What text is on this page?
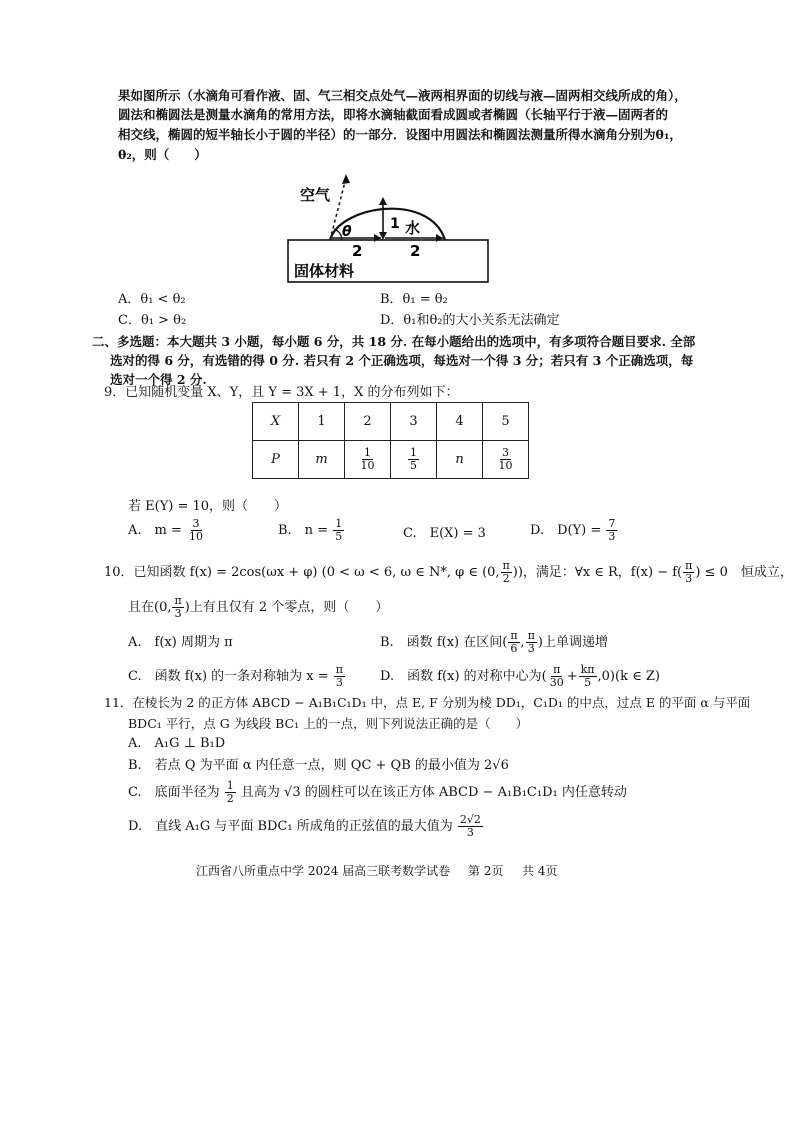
果如图所示（水滴角可看作液、固、气三相交点处气—液两相界面的切线与液—固两相交线所成的角），
圆法和椭圆法是测量水滴角的常用方法，即将水滴轴截面看成圆或者椭圆（长轴平行于液—固两者的
相交线，椭圆的短半轴长小于圆的半径）的一部分．设图中用圆法和椭圆法测量所得水滴角分别为θ₁，
θ₂，则（　　）
空气
θ	1 水
2	2
固体材料
A．θ₁ < θ₂	B．θ₁ = θ₂
C．θ₁ > θ₂	D．θ₁和θ₂的大小关系无法确定
二、多选题：本大题共 3 小题，每小题 6 分，共 18 分. 在每小题给出的选项中，有多项符合题目要求. 全部
选对的得 6 分，有选错的得 0 分. 若只有 2 个正确选项，每选对一个得 3 分；若只有 3 个正确选项，每
选对一个得 2 分.
9．已知随机变量 X、Y，且 Y = 3X + 1，X 的分布列如下：
X	1	2	3	4	5
P	m	$\frac{1}{10}$	$\frac{1}{5}$	n	$\frac{3}{10}$
若 E(Y) = 10，则（　　）
A.　$m = \frac{3}{10}$	B.　$n = \frac{1}{5}$	C.　E(X) = 3	D.　$D(Y) = \frac{7}{3}$
10．已知函数 f(x) = 2cos(ωx + φ) (0 < ω < 6, ω ∈ N*, φ ∈ (0, $\frac{\pi}{2}$ ))，满足：∀x ∈ R，$f(x) - f( \frac{\pi}{3}$ ) ≤ 0　恒成立，
且在(0, $\frac{\pi}{3}$ )上有且仅有 2 个零点，则（　　）
A.　f(x) 周期为 π	B.　函数 f(x) 在区间( $\frac{\pi}{6}$ , $\frac{\pi}{3}$ )上单调递增
C.　函数 f(x) 的一条对称轴为 $x = \frac{\pi}{3}$	D.　函数 f(x) 的对称中心为( $\frac{\pi}{30} + \frac{k\pi}{5} ,0)(k$ ∈ Z)
11．在棱长为 2 的正方体 ABCD − A₁B₁C₁D₁ 中，点 E, F 分别为棱 DD₁，C₁D₁ 的中点，过点 E 的平面 α 与平面
BDC₁ 平行，点 G 为线段 BC₁ 上的一点，则下列说法正确的是（　　）
A.　A₁G ⊥ B₁D
B.　若点 Q 为平面 α 内任意一点，则 QC + QB 的最小值为 2√6
C.　底面半径为 $\frac{1}{2}$ 且高为 √3 的圆柱可以在该正方体 ABCD − A₁B₁C₁D₁ 内任意转动
D.　直线 A₁G 与平面 BDC₁ 所成角的正弦值的最大值为 $\frac{2√2}{3}$
江西省八所重点中学 2024 届高三联考数学试卷 第 2页 共 4页
